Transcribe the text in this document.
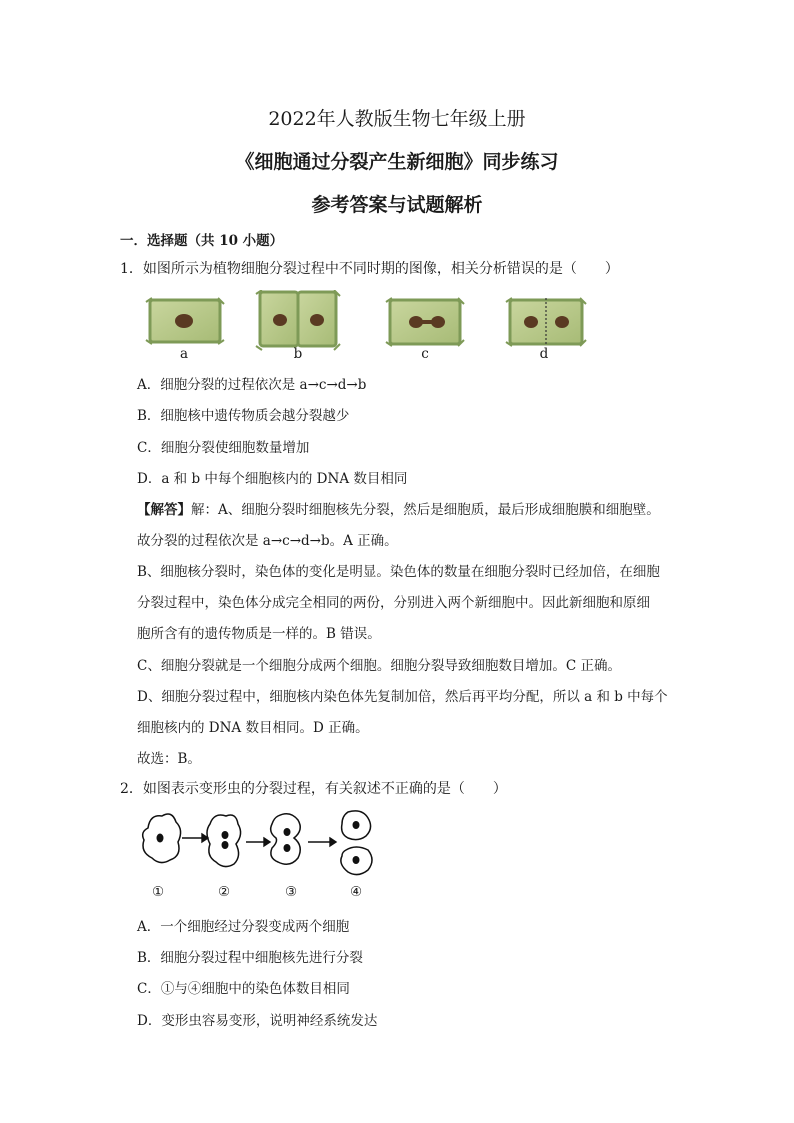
2022年人教版生物七年级上册
《细胞通过分裂产生新细胞》同步练习
参考答案与试题解析
一．选择题（共 10 小题）
1．如图所示为植物细胞分裂过程中不同时期的图像，相关分析错误的是（　　）
a	b	c	d
A．细胞分裂的过程依次是 a→c→d→b
B．细胞核中遗传物质会越分裂越少
C．细胞分裂使细胞数量增加
D．a 和 b 中每个细胞核内的 DNA 数目相同
【解答】解：A、细胞分裂时细胞核先分裂，然后是细胞质，最后形成细胞膜和细胞壁。
故分裂的过程依次是 a→c→d→b。A 正确。
B、细胞核分裂时，染色体的变化是明显。染色体的数量在细胞分裂时已经加倍，在细胞
分裂过程中，染色体分成完全相同的两份，分别进入两个新细胞中。因此新细胞和原细
胞所含有的遗传物质是一样的。B 错误。
C、细胞分裂就是一个细胞分成两个细胞。细胞分裂导致细胞数目增加。C 正确。
D、细胞分裂过程中，细胞核内染色体先复制加倍，然后再平均分配，所以 a 和 b 中每个
细胞核内的 DNA 数目相同。D 正确。
故选：B。
2．如图表示变形虫的分裂过程，有关叙述不正确的是（　　）
①	②	③	④
A．一个细胞经过分裂变成两个细胞
B．细胞分裂过程中细胞核先进行分裂
C．①与④细胞中的染色体数目相同
D．变形虫容易变形，说明神经系统发达
